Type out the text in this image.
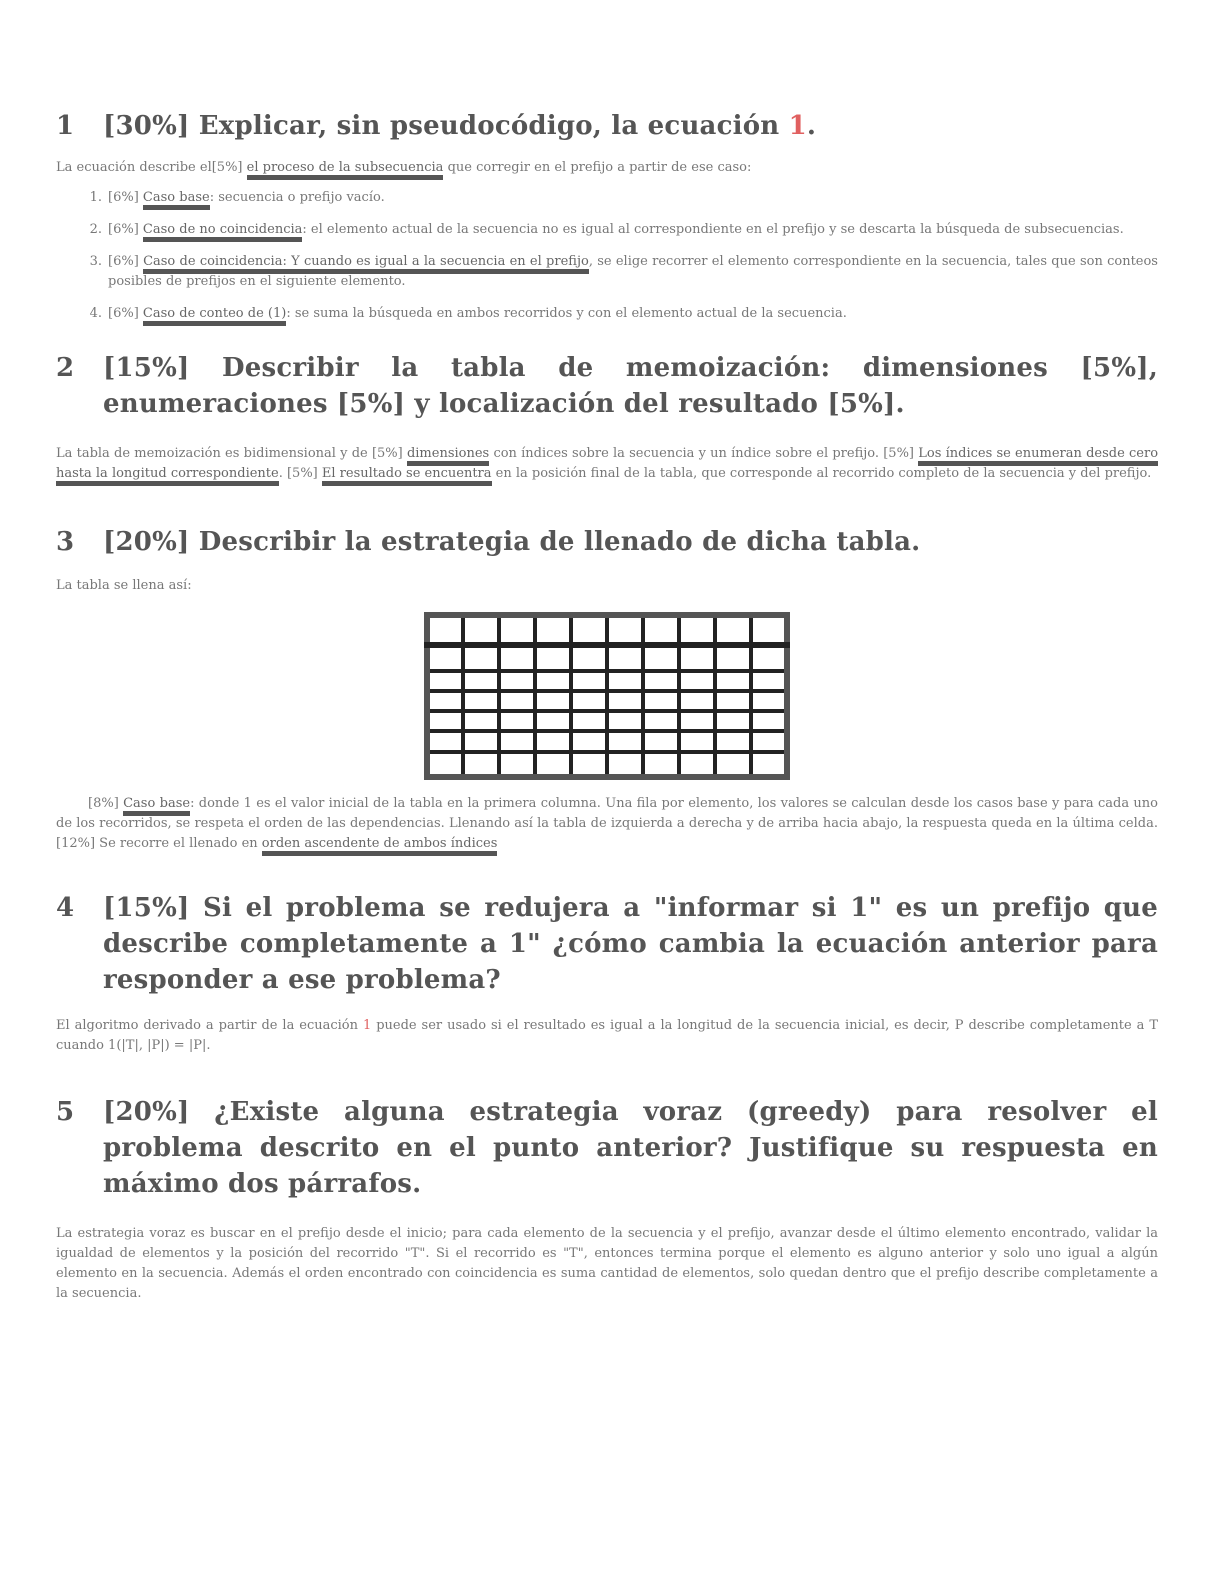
1	[30%] Explicar, sin pseudocódigo, la ecuación 1.

La ecuación describe el[5%] el proceso de la subsecuencia que corregir en el prefijo a partir de ese caso:

1. [6%] Caso base: secuencia o prefijo vacío.
2. [6%] Caso de no coincidencia: el elemento actual de la secuencia no es igual al correspondiente en el prefijo y se descarta la búsqueda de subsecuencias.
3. [6%] Caso de coincidencia: Y cuando es igual a la secuencia en el prefijo, se elige recorrer el elemento correspondiente en la secuencia, tales que son conteos posibles de prefijos en el siguiente elemento.
4. [6%] Caso de conteo de (1): se suma la búsqueda en ambos recorridos y con el elemento actual de la secuencia.
2	[15%] Describir la tabla de memoización: dimensiones [5%], enumeraciones [5%] y localización del resultado [5%].

La tabla de memoización es bidimensional y de [5%] dimensiones con índices sobre la secuencia y un índice sobre el prefijo. [5%] Los índices se enumeran desde cero hasta la longitud correspondiente. [5%] El resultado se encuentra en la posición final de la tabla, que corresponde al recorrido completo de la secuencia y del prefijo.

3	[20%] Describir la estrategia de llenado de dicha tabla.

La tabla se llena así:

[8%] Caso base: donde 1 es el valor inicial de la tabla en la primera columna. Una fila por elemento, los valores se calculan desde los casos base y para cada uno de los recorridos, se respeta el orden de las dependencias. Llenando así la tabla de izquierda a derecha y de arriba hacia abajo, la respuesta queda en la última celda. [12%] Se recorre el llenado en orden ascendente de ambos índices

4	[15%] Si el problema se redujera a "informar si 1" es un prefijo que describe completamente a 1" ¿cómo cambia la ecuación anterior para responder a ese problema?

El algoritmo derivado a partir de la ecuación 1 puede ser usado si el resultado es igual a la longitud de la secuencia inicial, es decir, P describe completamente a T cuando 1(|T|, |P|) = |P|.

5	[20%] ¿Existe alguna estrategia voraz (greedy) para resolver el problema descrito en el punto anterior? Justifique su respuesta en máximo dos párrafos.

La estrategia voraz es buscar en el prefijo desde el inicio; para cada elemento de la secuencia y el prefijo, avanzar desde el último elemento encontrado, validar la igualdad de elementos y la posición del recorrido "T". Si el recorrido es "T", entonces termina porque el elemento es alguno anterior y solo uno igual a algún elemento en la secuencia. Además el orden encontrado con coincidencia es suma cantidad de elementos, solo quedan dentro que el prefijo describe completamente a la secuencia.
